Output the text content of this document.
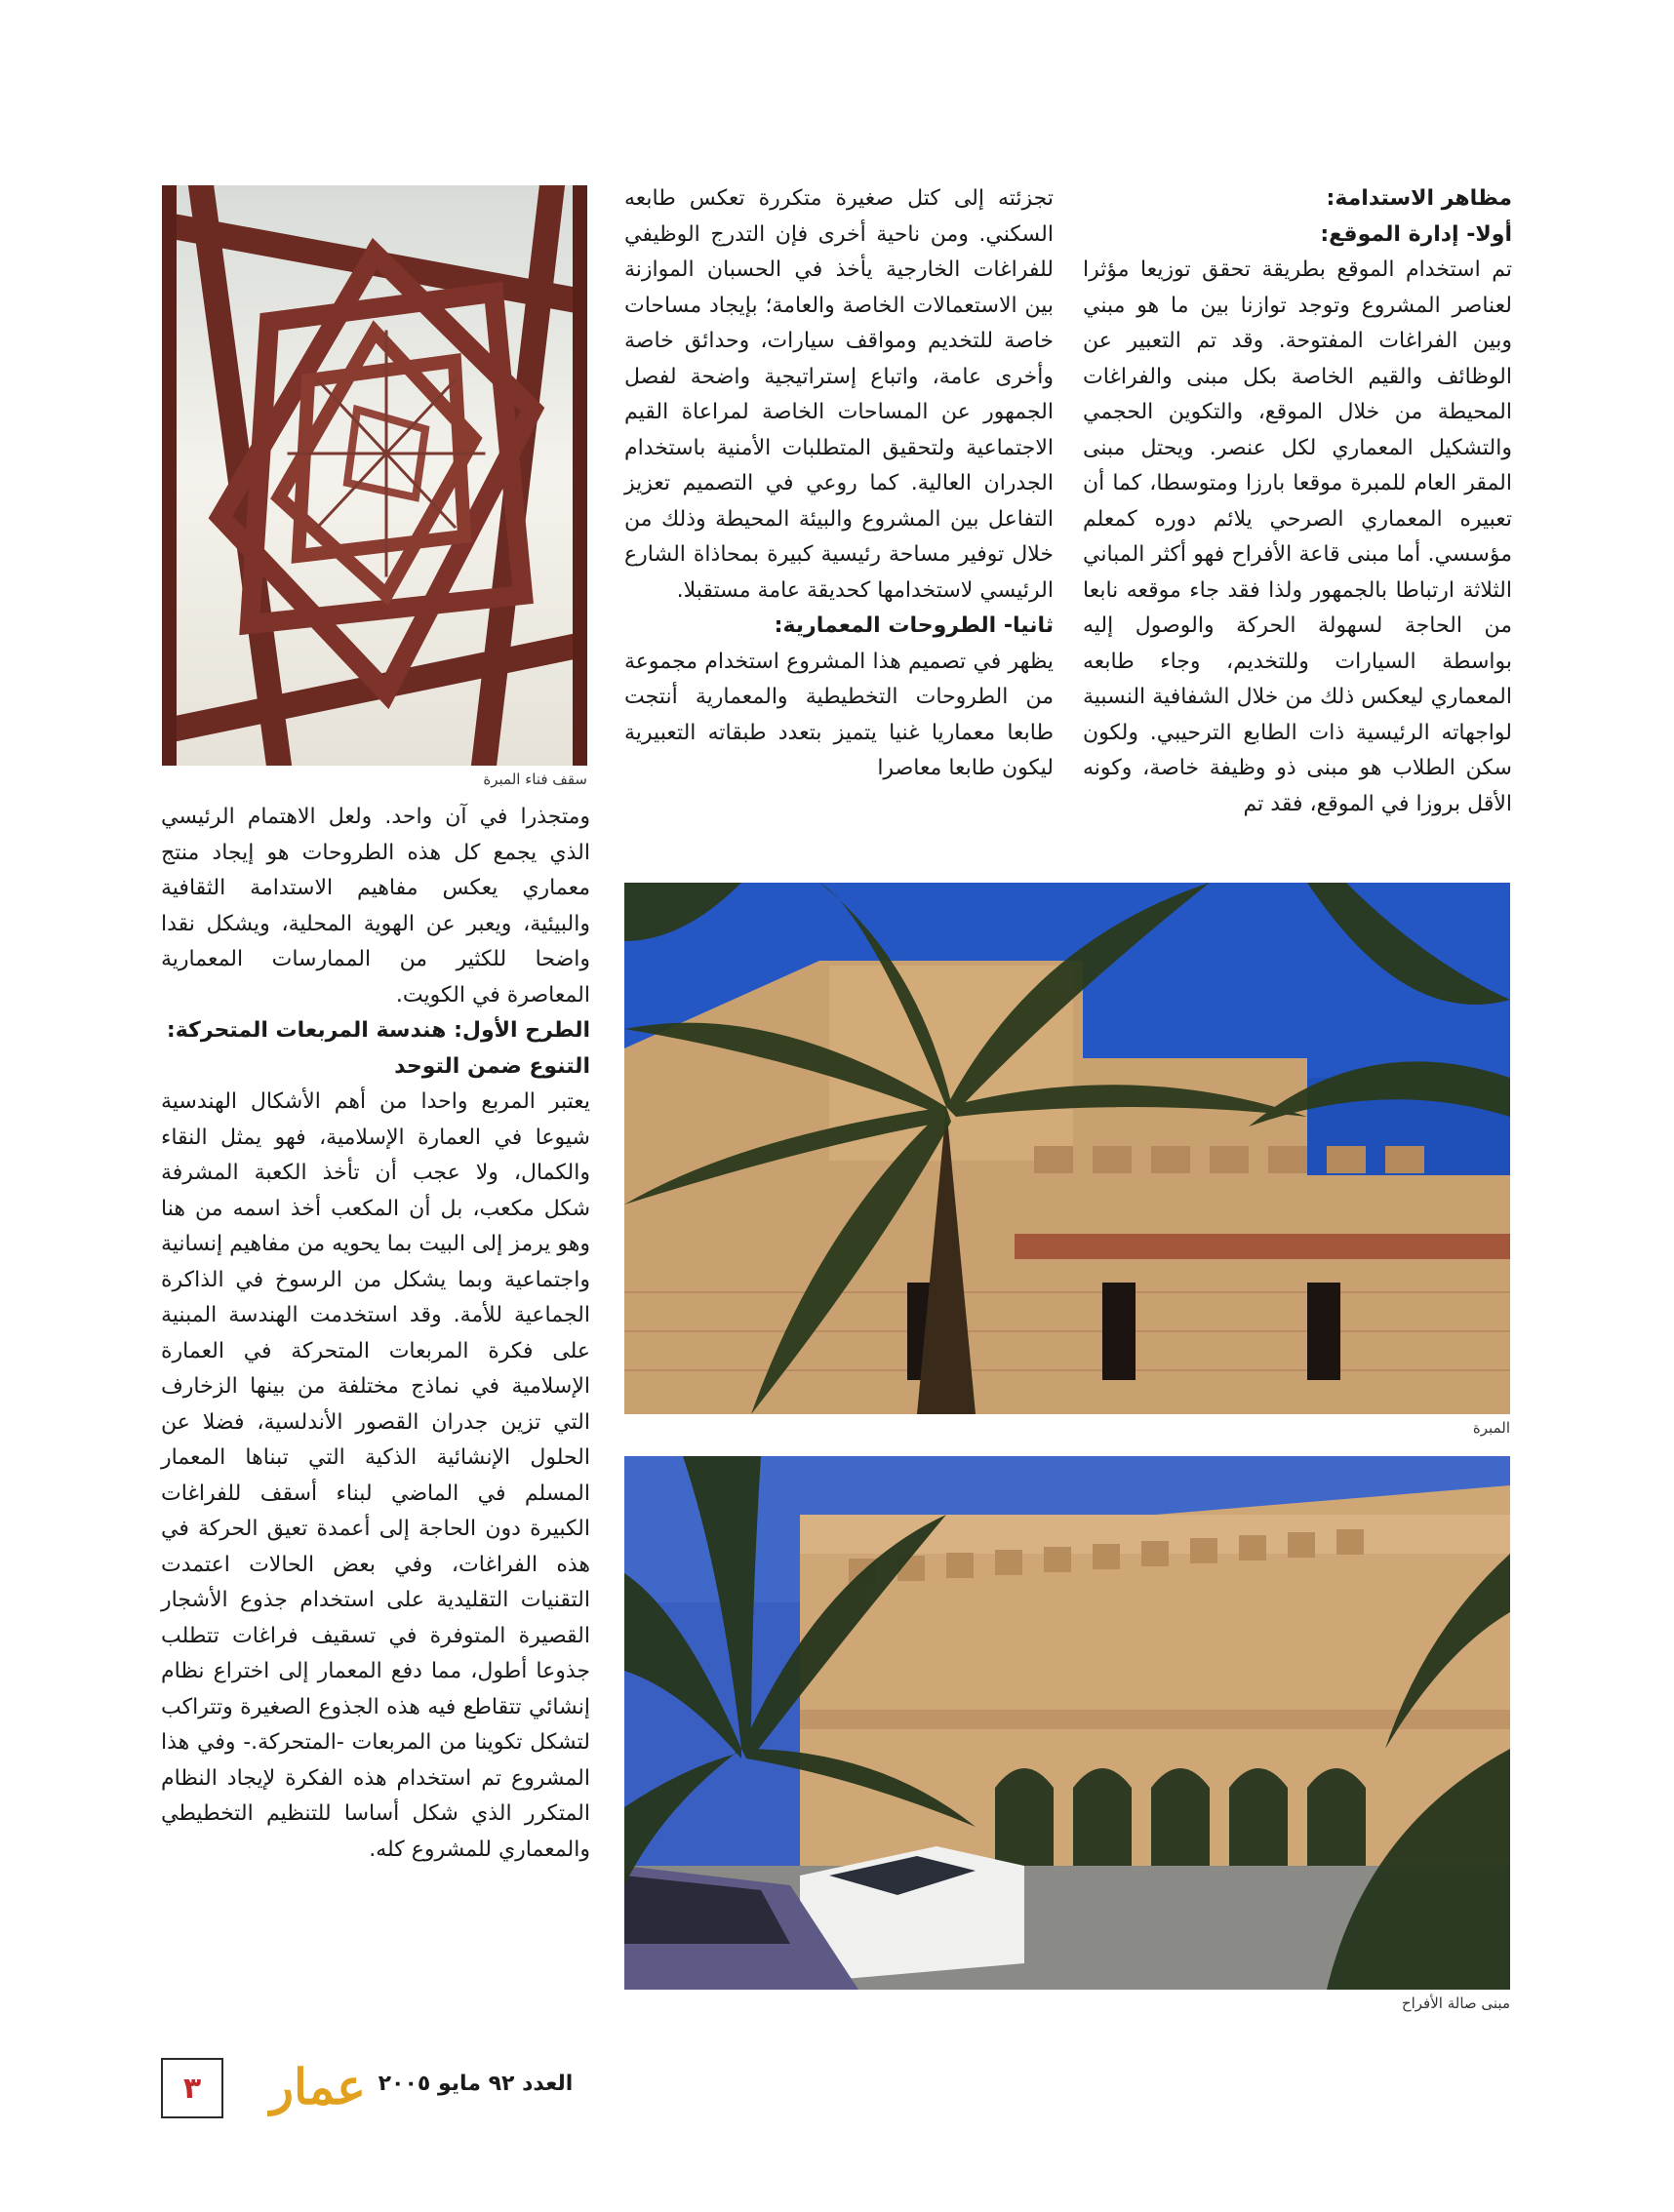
مظاهر الاستدامة:

أولا- إدارة الموقع:

تم استخدام الموقع بطريقة تحقق توزيعا مؤثرا لعناصر المشروع وتوجد توازنا بين ما هو مبني وبين الفراغات المفتوحة. وقد تم التعبير عن الوظائف والقيم الخاصة بكل مبنى والفراغات المحيطة من خلال الموقع، والتكوين الحجمي والتشكيل المعماري لكل عنصر. ويحتل مبنى المقر العام للمبرة موقعا بارزا ومتوسطا، كما أن تعبيره المعماري الصرحي يلائم دوره كمعلم مؤسسي. أما مبنى قاعة الأفراح فهو أكثر المباني الثلاثة ارتباطا بالجمهور ولذا فقد جاء موقعه نابعا من الحاجة لسهولة الحركة والوصول إليه بواسطة السيارات وللتخديم، وجاء طابعه المعماري ليعكس ذلك من خلال الشفافية النسبية لواجهاته الرئيسية ذات الطابع الترحيبي. ولكون سكن الطلاب هو مبنى ذو وظيفة خاصة، وكونه الأقل بروزا في الموقع، فقد تم

تجزئته إلى كتل صغيرة متكررة تعكس طابعه السكني. ومن ناحية أخرى فإن التدرج الوظيفي للفراغات الخارجية يأخذ في الحسبان الموازنة بين الاستعمالات الخاصة والعامة؛ بإيجاد مساحات خاصة للتخديم ومواقف سيارات، وحدائق خاصة وأخرى عامة، واتباع إستراتيجية واضحة لفصل الجمهور عن المساحات الخاصة لمراعاة القيم الاجتماعية ولتحقيق المتطلبات الأمنية باستخدام الجدران العالية. كما روعي في التصميم تعزيز التفاعل بين المشروع والبيئة المحيطة وذلك من خلال توفير مساحة رئيسية كبيرة بمحاذاة الشارع الرئيسي لاستخدامها كحديقة عامة مستقبلا.

ثانيا- الطروحات المعمارية:

يظهر في تصميم هذا المشروع استخدام مجموعة من الطروحات التخطيطية والمعمارية أنتجت طابعا معماريا غنيا يتميز بتعدد طبقاته التعبيرية ليكون طابعا معاصرا

ومتجذرا في آن واحد. ولعل الاهتمام الرئيسي الذي يجمع كل هذه الطروحات هو إيجاد منتج معماري يعكس مفاهيم الاستدامة الثقافية والبيئية، ويعبر عن الهوية المحلية، ويشكل نقدا واضحا للكثير من الممارسات المعمارية المعاصرة في الكويت.

الطرح الأول: هندسة المربعات المتحركة:

التنوع ضمن التوحد

يعتبر المربع واحدا من أهم الأشكال الهندسية شيوعا في العمارة الإسلامية، فهو يمثل النقاء والكمال، ولا عجب أن تأخذ الكعبة المشرفة شكل مكعب، بل أن المكعب أخذ اسمه من هنا وهو يرمز إلى البيت بما يحويه من مفاهيم إنسانية واجتماعية وبما يشكل من الرسوخ في الذاكرة الجماعية للأمة. وقد استخدمت الهندسة المبنية على فكرة المربعات المتحركة في العمارة الإسلامية في نماذج مختلفة من بينها الزخارف التي تزين جدران القصور الأندلسية، فضلا عن الحلول الإنشائية الذكية التي تبناها المعمار المسلم في الماضي لبناء أسقف للفراغات الكبيرة دون الحاجة إلى أعمدة تعيق الحركة في هذه الفراغات، وفي بعض الحالات اعتمدت التقنيات التقليدية على استخدام جذوع الأشجار القصيرة المتوفرة في تسقيف فراغات تتطلب جذوعا أطول، مما دفع المعمار إلى اختراع نظام إنشائي تتقاطع فيه هذه الجذوع الصغيرة وتتراكب لتشكل تكوينا من المربعات -المتحركة.- وفي هذا المشروع تم استخدام هذه الفكرة لإيجاد النظام المتكرر الذي شكل أساسا للتنظيم التخطيطي والمعماري للمشروع كله.

سقف فناء المبرة
المبرة
مبنى صالة الأفراح
٣	عمار العدد ٩٢ مايو ٢٠٠٥
